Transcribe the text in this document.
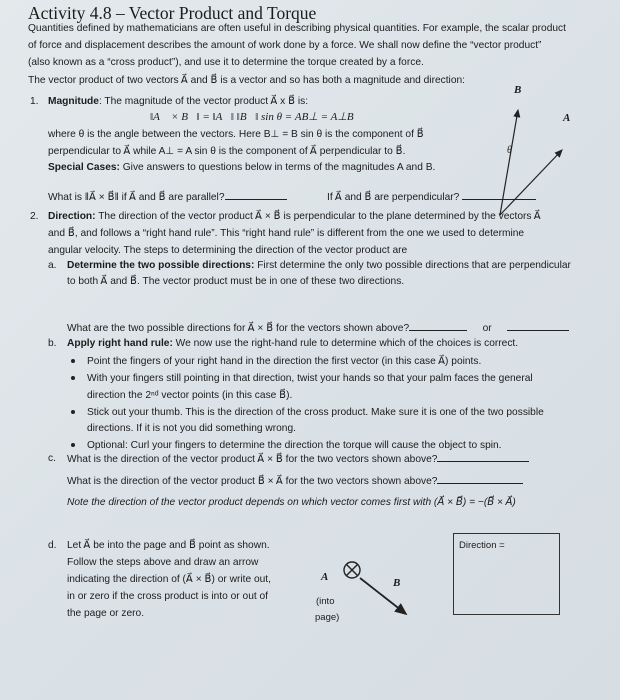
Activity 4.8 – Vector Product and Torque
Quantities defined by mathematicians are often useful in describing physical quantities. For example, the scalar product
of force and displacement describes the amount of work done by a force. We shall now define the “vector product”
(also known as a “cross product”), and use it to determine the torque created by a force.
The vector product of two vectors A⃗ and B⃗ is a vector and so has both a magnitude and direction:
1. Magnitude: The magnitude of the vector product A⃗ x B⃗ is:
‖A⃗ × B⃗‖ = ‖A⃗‖ ‖B⃗‖ sin θ = AB⊥ = A⊥B
where θ is the angle between the vectors. Here B⊥ = B sin θ is the component of B⃗
perpendicular to A⃗ while A⊥ = A sin θ is the component of A⃗ perpendicular to B⃗.
Special Cases: Give answers to questions below in terms of the magnitudes A and B.
B⃗
A⃗
θ
What is ‖A⃗ × B⃗‖ if A⃗ and B⃗ are parallel?	If A⃗ and B⃗ are perpendicular?
2. Direction: The direction of the vector product A⃗ × B⃗ is perpendicular to the plane determined by the vectors A⃗
and B⃗, and follows a “right hand rule”. This “right hand rule” is different from the one we used to determine
angular velocity. The steps to determining the direction of the vector product are
a. Determine the two possible directions: First determine the only two possible directions that are perpendicular
to both A⃗ and B⃗. The vector product must be in one of these two directions.
What are the two possible directions for A⃗ × B⃗ for the vectors shown above?	or
b. Apply right hand rule: We now use the right-hand rule to determine which of the choices is correct.
Point the fingers of your right hand in the direction the first vector (in this case A⃗) points.
With your fingers still pointing in that direction, twist your hands so that your palm faces the general
direction the 2ⁿᵈ vector points (in this case B⃗).
Stick out your thumb. This is the direction of the cross product. Make sure it is one of the two possible
directions. If it is not you did something wrong.
Optional: Curl your fingers to determine the direction the torque will cause the object to spin.
c. What is the direction of the vector product A⃗ × B⃗ for the two vectors shown above?
What is the direction of the vector product B⃗ × A⃗ for the two vectors shown above?
Note the direction of the vector product depends on which vector comes first with (A⃗ × B⃗) = −(B⃗ × A⃗)
d. Let A⃗ be into the page and B⃗ point as shown.
Follow the steps above and draw an arrow
indicating the direction of (A⃗ × B⃗) or write out,
in or zero if the cross product is into or out of
the page or zero.
A⃗	B⃗
(into
page)
Direction =
